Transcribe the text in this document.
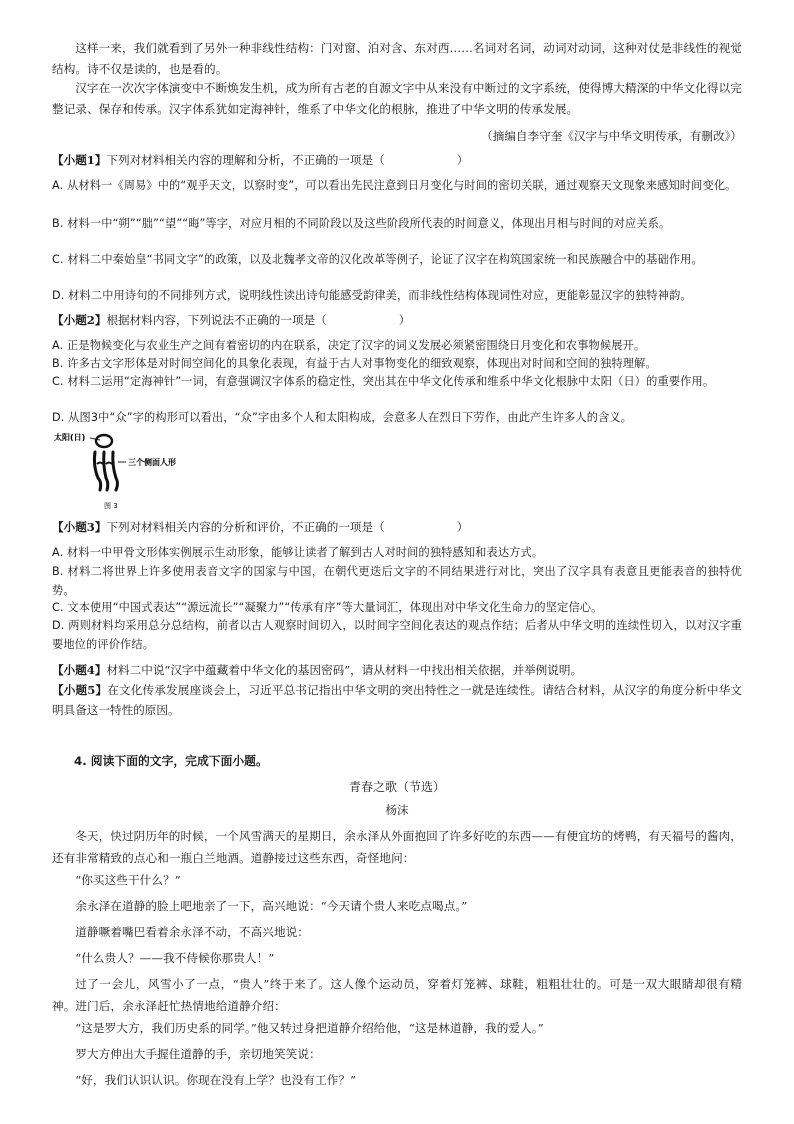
这样一来，我们就看到了另外一种非线性结构：门对窗、泊对含、东对西……名词对名词，动词对动词，这种对仗是非线性的视觉结构。诗不仅是读的，也是看的。

汉字在一次次字体演变中不断焕发生机，成为所有古老的自源文字中从来没有中断过的文字系统，使得博大精深的中华文化得以完整记录、保存和传承。汉字体系犹如定海神针，维系了中华文化的根脉，推进了中华文明的传承发展。

（摘编自李守奎《汉字与中华文明传承，有删改》）

【小题1】下列对材料相关内容的理解和分析，不正确的一项是（	）

A. 从材料一《周易》中的“观乎天文，以察时变”，可以看出先民注意到日月变化与时间的密切关联，通过观察天文现象来感知时间变化。

B. 材料一中“朔”“朏”“望”“晦”等字，对应月相的不同阶段以及这些阶段所代表的时间意义，体现出月相与时间的对应关系。

C. 材料二中秦始皇“书同文字”的政策，以及北魏孝文帝的汉化改革等例子，论证了汉字在构筑国家统一和民族融合中的基础作用。

D. 材料二中用诗句的不同排列方式，说明线性读出诗句能感受韵律美，而非线性结构体现词性对应，更能彰显汉字的独特神韵。

【小题2】根据材料内容，下列说法不正确的一项是（	）

A. 正是物候变化与农业生产之间有着密切的内在联系，决定了汉字的词义发展必须紧密围绕日月变化和农事物候展开。

B. 许多古文字形体是对时间空间化的具象化表现，有益于古人对事物变化的细致观察，体现出对时间和空间的独特理解。

C. 材料二运用“定海神针”一词，有意强调汉字体系的稳定性，突出其在中华文化传承和维系中华文化根脉中太阳（日）的重要作用。

D. 从图3中“众”字的构形可以看出，“众”字由多个人和太阳构成，会意多人在烈日下劳作，由此产生许多人的含义。

太阳(日)
三个侧面人形
图 3

【小题3】下列对材料相关内容的分析和评价，不正确的一项是（	）

A. 材料一中甲骨文形体实例展示生动形象，能够让读者了解到古人对时间的独特感知和表达方式。

B. 材料二将世界上许多使用表音文字的国家与中国，在朝代更迭后文字的不同结果进行对比，突出了汉字具有表意且更能表音的独特优势。

C. 文本使用“中国式表达”“源远流长”“凝聚力”“传承有序”等大量词汇，体现出对中华文化生命力的坚定信心。

D. 两则材料均采用总分总结构，前者以古人观察时间切入，以时间字空间化表达的观点作结；后者从中华文明的连续性切入，以对汉字重要地位的评价作结。

【小题4】材料二中说“汉字中蕴藏着中华文化的基因密码”，请从材料一中找出相关依据，并举例说明。

【小题5】在文化传承发展座谈会上，习近平总书记指出中华文明的突出特性之一就是连续性。请结合材料，从汉字的角度分析中华文明具备这一特性的原因。

4. 阅读下面的文字，完成下面小题。

青春之歌（节选）

杨沫

冬天，快过阴历年的时候，一个风雪满天的星期日，余永泽从外面抱回了许多好吃的东西——有便宜坊的烤鸭，有天福号的酱肉，还有非常精致的点心和一瓶白兰地酒。道静接过这些东西，奇怪地问：

“你买这些干什么？”

余永泽在道静的脸上吧地亲了一下，高兴地说：“今天请个贵人来吃点喝点。”

道静噘着嘴巴看着余永泽不动，不高兴地说：

“什么贵人？——我不侍候你那贵人！”

过了一会儿，风雪小了一点，“贵人”终于来了。这人像个运动员，穿着灯笼裤、球鞋，粗粗壮壮的。可是一双大眼睛却很有精神。进门后，余永泽赶忙热情地给道静介绍：

“这是罗大方，我们历史系的同学。”他又转过身把道静介绍给他，“这是林道静，我的爱人。”

罗大方伸出大手握住道静的手，亲切地笑笑说：

“好，我们认识认识。你现在没有上学？也没有工作？”
